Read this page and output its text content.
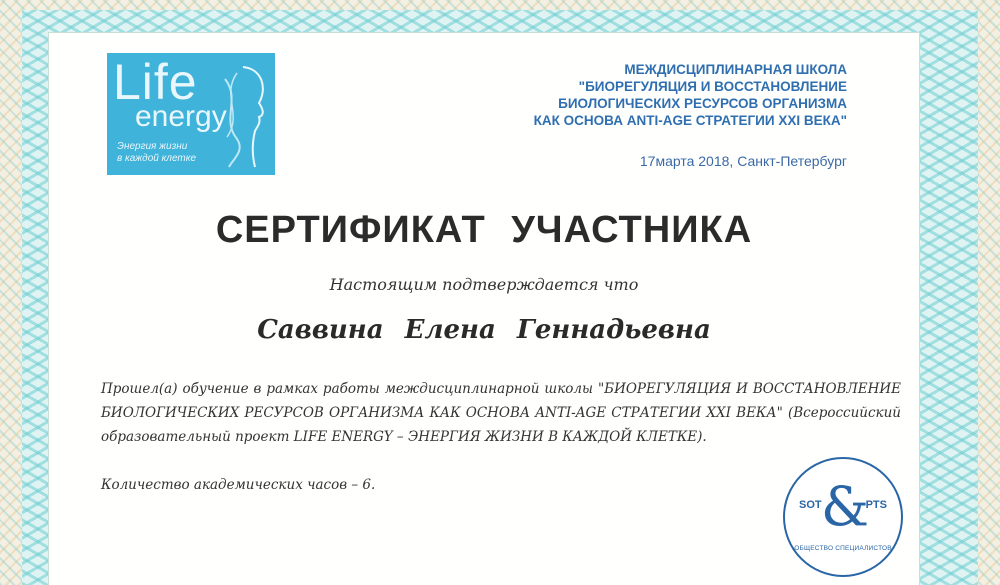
Life
energy
Энергия жизни
в каждой клетке
МЕЖДИСЦИПЛИНАРНАЯ ШКОЛА
"БИОРЕГУЛЯЦИЯ И ВОССТАНОВЛЕНИЕ
БИОЛОГИЧЕСКИХ РЕСУРСОВ ОРГАНИЗМА
КАК ОСНОВА ANTI-AGE СТРАТЕГИИ XXI ВЕКА"
17марта 2018, Санкт-Петербург
СЕРТИФИКАТ УЧАСТНИКА
Настоящим подтверждается что
Саввина Елена Геннадьевна
Прошел(а) обучение в рамках работы междисциплинарной школы "БИОРЕГУЛЯЦИЯ И ВОССТАНОВЛЕНИЕ БИОЛОГИЧЕСКИХ РЕСУРСОВ ОРГАНИЗМА КАК ОСНОВА ANTI-AGE СТРАТЕГИИ XXI ВЕКА" (Всероссийский образовательный проект LIFE ENERGY – ЭНЕРГИЯ ЖИЗНИ В КАЖДОЙ КЛЕТКЕ).
Количество академических часов – 6.
SOT &
PTS
ОБЩЕСТВО СПЕЦИАЛИСТОВ
